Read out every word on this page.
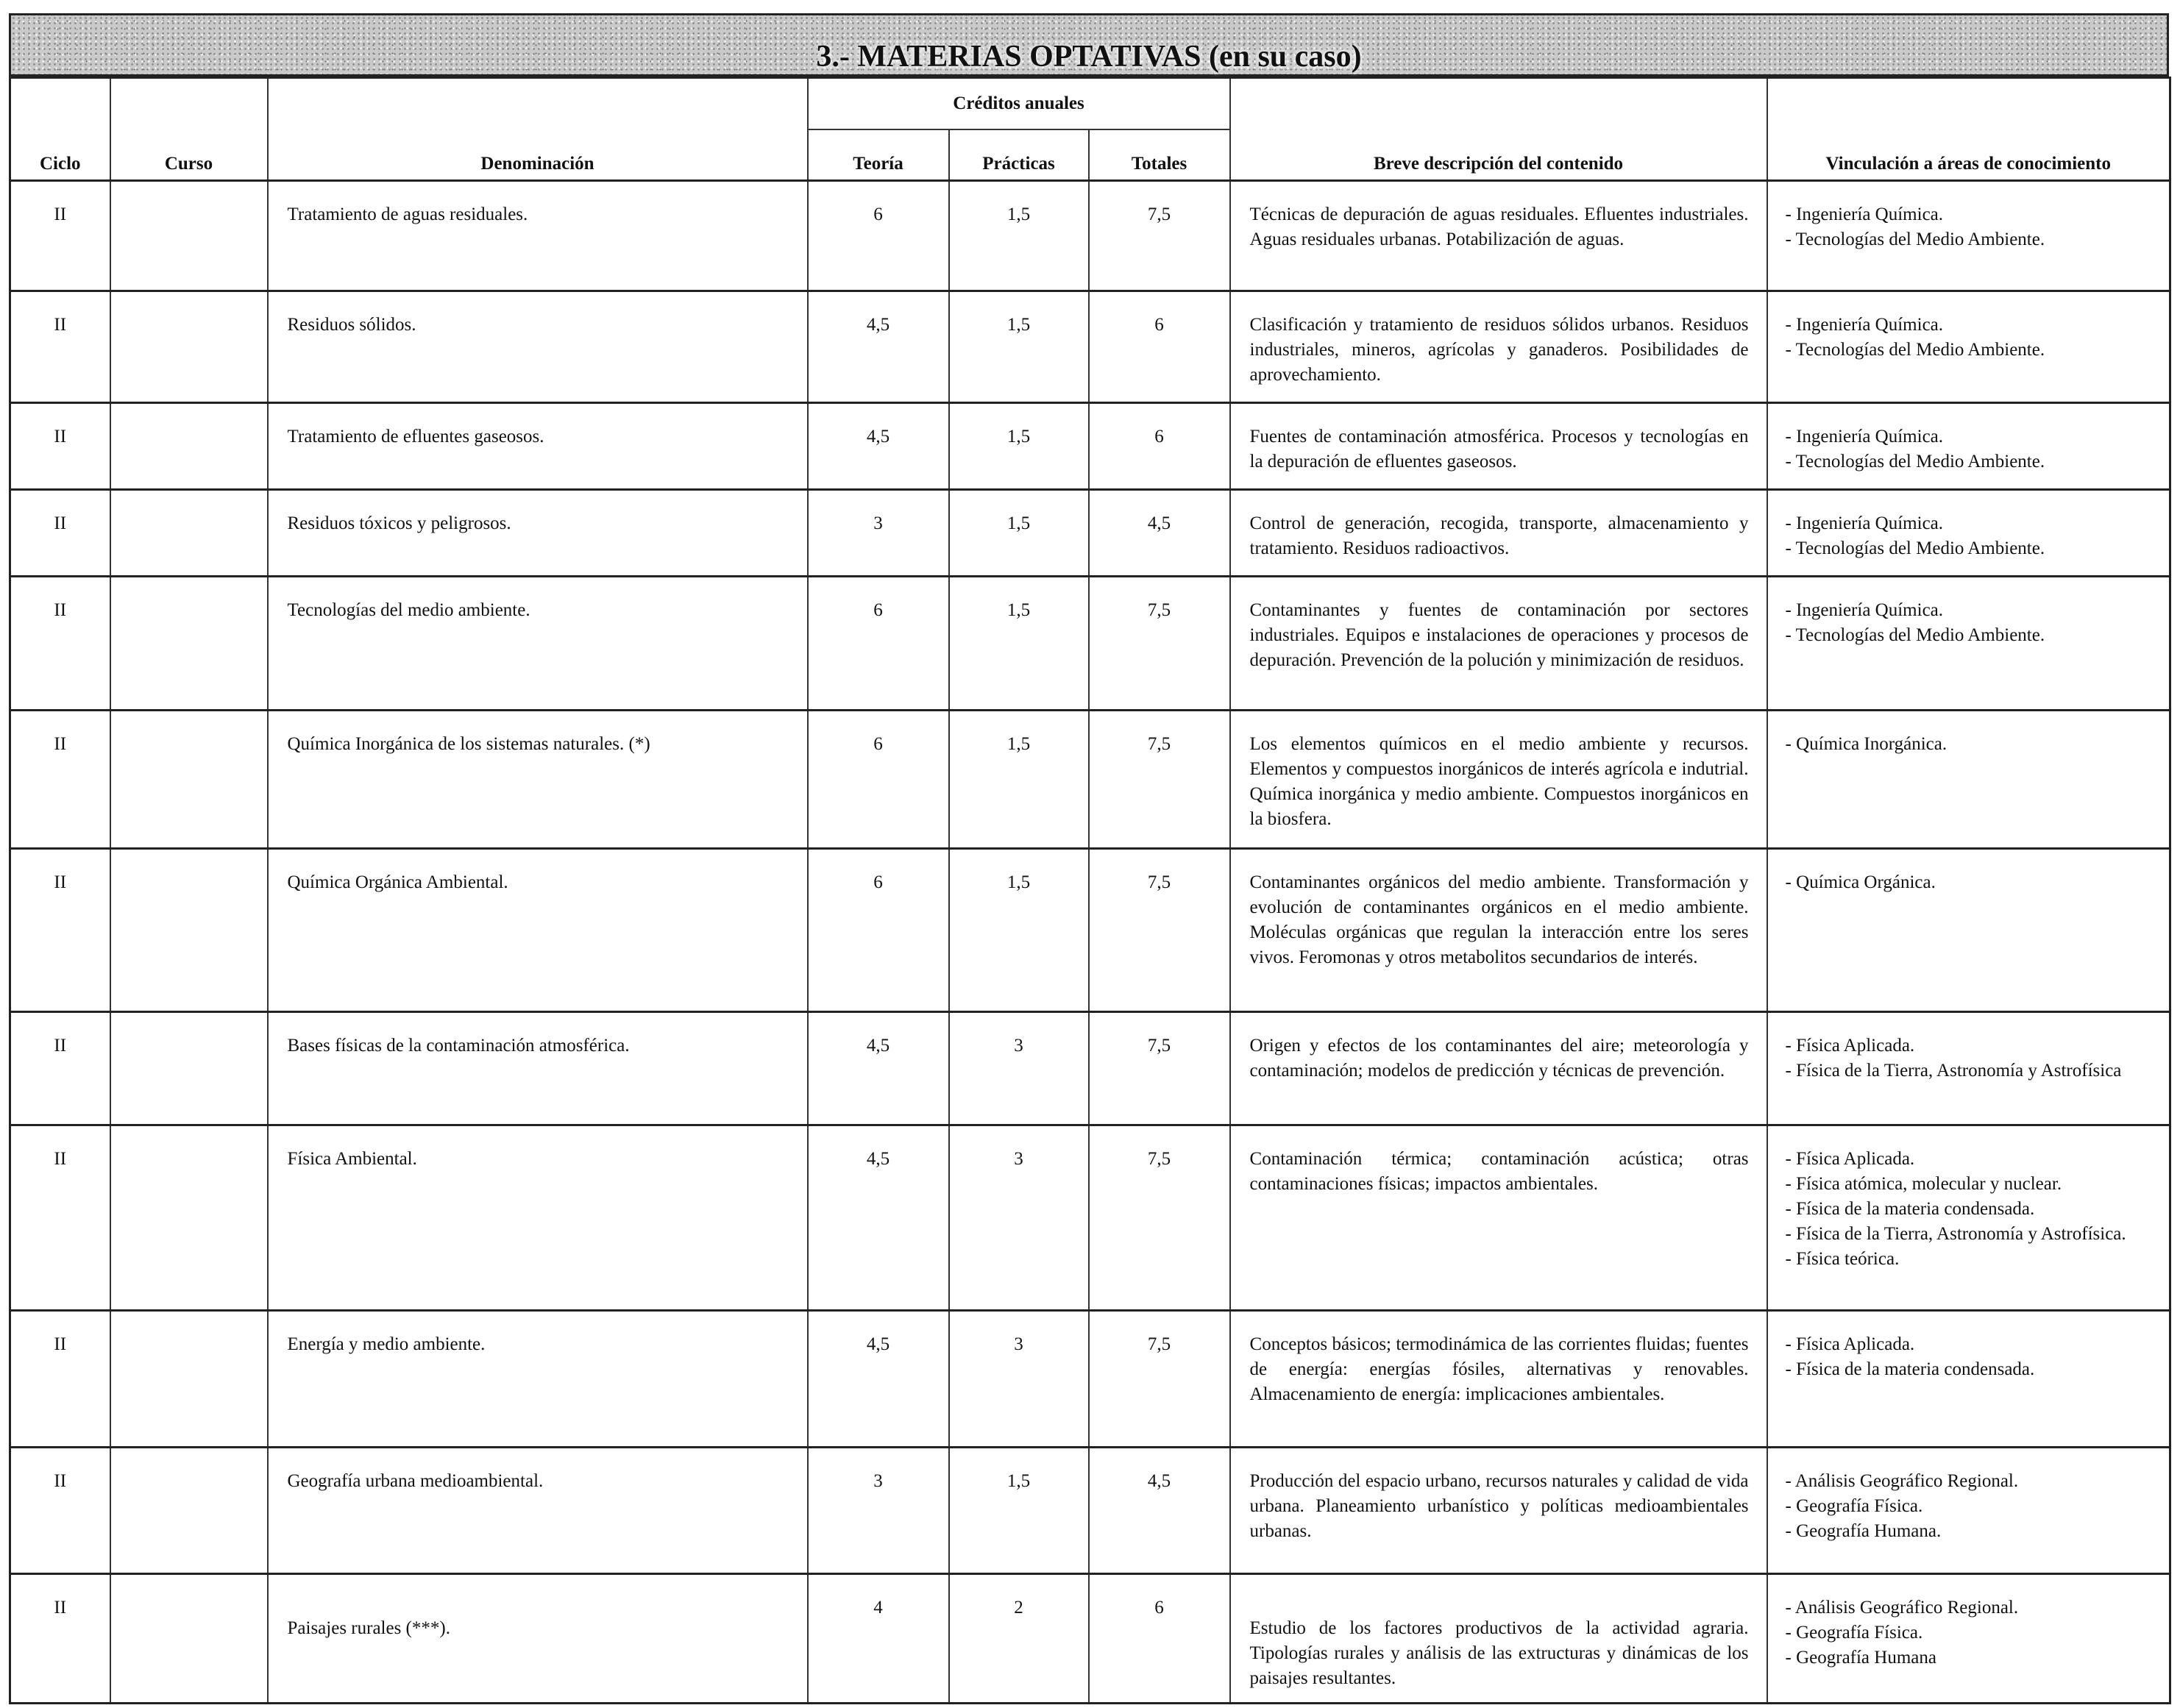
3.- MATERIAS OPTATIVAS (en su caso)
Ciclo	Curso	Denominación	Créditos anuales			Breve descripción del contenido	Vinculación a áreas de conocimiento
			Teoría	Prácticas	Totales		
II		Tratamiento de aguas residuales.	6	1,5	7,5	Técnicas de depuración de aguas residuales. Efluentes industriales. Aguas residuales urbanas. Potabilización de aguas.	- Ingeniería Química.
- Tecnologías del Medio Ambiente.

II		Residuos sólidos.	4,5	1,5	6	Clasificación y tratamiento de residuos sólidos urbanos. Residuos industriales, mineros, agrícolas y ganaderos. Posibilidades de aprovechamiento.	- Ingeniería Química.
- Tecnologías del Medio Ambiente.

II		Tratamiento de efluentes gaseosos.	4,5	1,5	6	Fuentes de contaminación atmosférica. Procesos y tecnologías en la depuración de efluentes gaseosos.	- Ingeniería Química.
- Tecnologías del Medio Ambiente.

II		Residuos tóxicos y peligrosos.	3	1,5	4,5	Control de generación, recogida, transporte, almacenamiento y tratamiento. Residuos radioactivos.	- Ingeniería Química.
- Tecnologías del Medio Ambiente.

II		Tecnologías del medio ambiente.	6	1,5	7,5	Contaminantes y fuentes de contaminación por sectores industriales. Equipos e instalaciones de operaciones y procesos de depuración. Prevención de la polución y minimización de residuos.	- Ingeniería Química.
- Tecnologías del Medio Ambiente.

II		Química Inorgánica de los sistemas naturales. (*)	6	1,5	7,5	Los elementos químicos en el medio ambiente y recursos. Elementos y compuestos inorgánicos de interés agrícola e indutrial. Química inorgánica y medio ambiente. Compuestos inorgánicos en la biosfera.	- Química Inorgánica.

II		Química Orgánica Ambiental.	6	1,5	7,5	Contaminantes orgánicos del medio ambiente. Transformación y evolución de contaminantes orgánicos en el medio ambiente. Moléculas orgánicas que regulan la interacción entre los seres vivos. Feromonas y otros metabolitos secundarios de interés.	- Química Orgánica.

II		Bases físicas de la contaminación atmosférica.	4,5	3	7,5	Origen y efectos de los contaminantes del aire; meteorología y contaminación; modelos de predicción y técnicas de prevención.	- Física Aplicada.
- Física de la Tierra, Astronomía y Astrofísica

II		Física Ambiental.	4,5	3	7,5	Contaminación térmica; contaminación acústica; otras contaminaciones físicas; impactos ambientales.	- Física Aplicada.
- Física atómica, molecular y nuclear.
- Física de la materia condensada.
- Física de la Tierra, Astronomía y Astrofísica.
- Física teórica.

II		Energía y medio ambiente.	4,5	3	7,5	Conceptos básicos; termodinámica de las corrientes fluidas; fuentes de energía: energías fósiles, alternativas y renovables. Almacenamiento de energía: implicaciones ambientales.	- Física Aplicada.
- Física de la materia condensada.

II		Geografía urbana medioambiental.	3	1,5	4,5	Producción del espacio urbano, recursos naturales y calidad de vida urbana. Planeamiento urbanístico y políticas medioambientales urbanas.	- Análisis Geográfico Regional.
- Geografía Física.
- Geografía Humana.

II		Paisajes rurales (***).	4	2	6	Estudio de los factores productivos de la actividad agraria. Tipologías rurales y análisis de las extructuras y dinámicas de los paisajes resultantes.	- Análisis Geográfico Regional.
- Geografía Física.
- Geografía Humana
